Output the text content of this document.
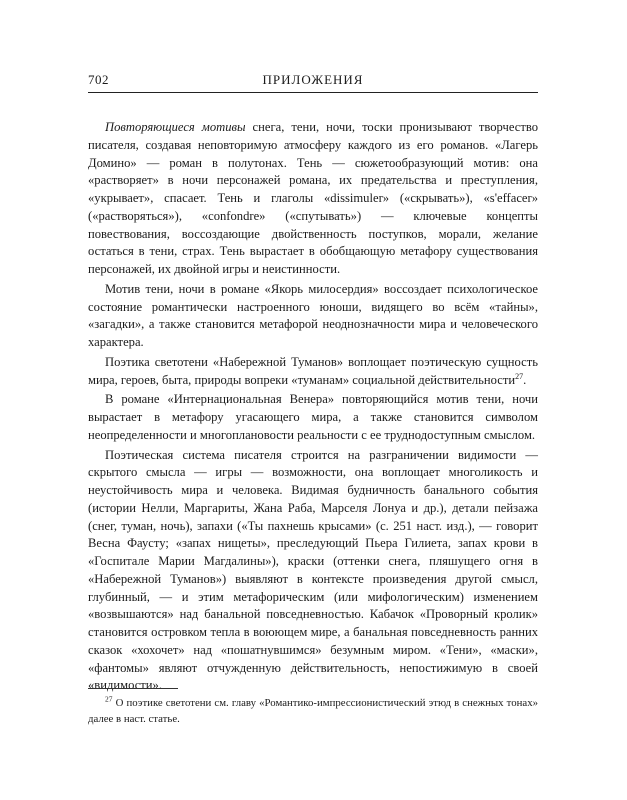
702	ПРИЛОЖЕНИЯ

Повторяющиеся мотивы снега, тени, ночи, тоски пронизывают творчество писателя, создавая неповторимую атмосферу каждого из его романов. «Лагерь Домино» — роман в полутонах. Тень — сюжетообразующий мотив: она «растворяет» в ночи персонажей романа, их предательства и преступления, «укрывает», спасает. Тень и глаголы «dissimuler» («скрывать»), «s'effacer» («растворяться»), «confondre» («спутывать») — ключевые концепты повествования, воссоздающие двойственность поступков, морали, желание остаться в тени, страх. Тень вырастает в обобщающую метафору существования персонажей, их двойной игры и неистинности.

Мотив тени, ночи в романе «Якорь милосердия» воссоздает психологическое состояние романтически настроенного юноши, видящего во всём «тайны», «загадки», а также становится метафорой неоднозначности мира и человеческого характера.

Поэтика светотени «Набережной Туманов» воплощает поэтическую сущность мира, героев, быта, природы вопреки «туманам» социальной действительности$^{27}$.

В романе «Интернациональная Венера» повторяющийся мотив тени, ночи вырастает в метафору угасающего мира, а также становится символом неопределенности и многоплановости реальности с ее труднодоступным смыслом.

Поэтическая система писателя строится на разграничении видимости — скрытого смысла — игры — возможности, она воплощает многоликость и неустойчивость мира и человека. Видимая будничность банального события (истории Нелли, Маргариты, Жана Раба, Марселя Лонуа и др.), детали пейзажа (снег, туман, ночь), запахи («Ты пахнешь крысами» (с. 251 наст. изд.), — говорит Весна Фаусту; «запах нищеты», преследующий Пьера Гилиета, запах крови в «Госпитале Марии Магдалины»), краски (оттенки снега, пляшущего огня в «Набережной Туманов») выявляют в контексте произведения другой смысл, глубинный, — и этим метафорическим (или мифологическим) изменением «возвышаются» над банальной повседневностью. Кабачок «Проворный кролик» становится островком тепла в воюющем мире, а банальная повседневность ранних сказок «хохочет» над «пошатнувшимся» безумным миром. «Тени», «маски», «фантомы» являют отчужденную действительность, непостижимую в своей «видимости».

$^{27}$ О поэтике светотени см. главу «Романтико-импрессионистический этюд в снежных тонах» далее в наст. статье.
